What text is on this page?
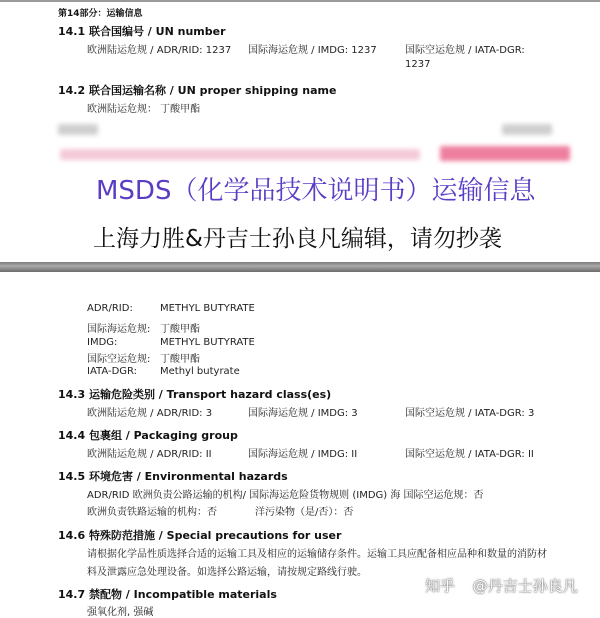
第14部分：运输信息
14.1 联合国编号 / UN number
欧洲陆运危规 / ADR/RID: 1237 国际海运危规 / IMDG: 1237	国际空运危规 / IATA-DGR:
1237
14.2 联合国运输名称 / UN proper shipping name
欧洲陆运危规： 丁酸甲酯
MSDS（化学品技术说明书）运输信息
上海力胜&丹吉士孙良凡编辑，请勿抄袭
ADR/RID:	METHYL BUTYRATE
国际海运危规: 丁酸甲酯
IMDG:	METHYL BUTYRATE
国际空运危规: 丁酸甲酯
IATA-DGR: Methyl butyrate
14.3 运输危险类别 / Transport hazard class(es)
欧洲陆运危规 / ADR/RID: 3	国际海运危规 / IMDG: 3	国际空运危规 / IATA-DGR: 3
14.4 包裹组 / Packaging group
欧洲陆运危规 / ADR/RID: II	国际海运危规 / IMDG: II	国际空运危规 / IATA-DGR: II
14.5 环境危害 / Environmental hazards
ADR/RID 欧洲负责公路运输的机构/ 国际海运危险货物规则 (IMDG) 海 国际空运危规：否
欧洲负责铁路运输的机构：否	洋污染物（是/否）：否
14.6 特殊防范措施 / Special precautions for user
请根据化学品性质选择合适的运输工具及相应的运输储存条件。运输工具应配备相应品种和数量的消防材
料及泄露应急处理设备。如选择公路运输，请按规定路线行驶。
14.7 禁配物 / Incompatible materials
强氧化剂, 强碱
知乎 @丹吉士孙良凡
